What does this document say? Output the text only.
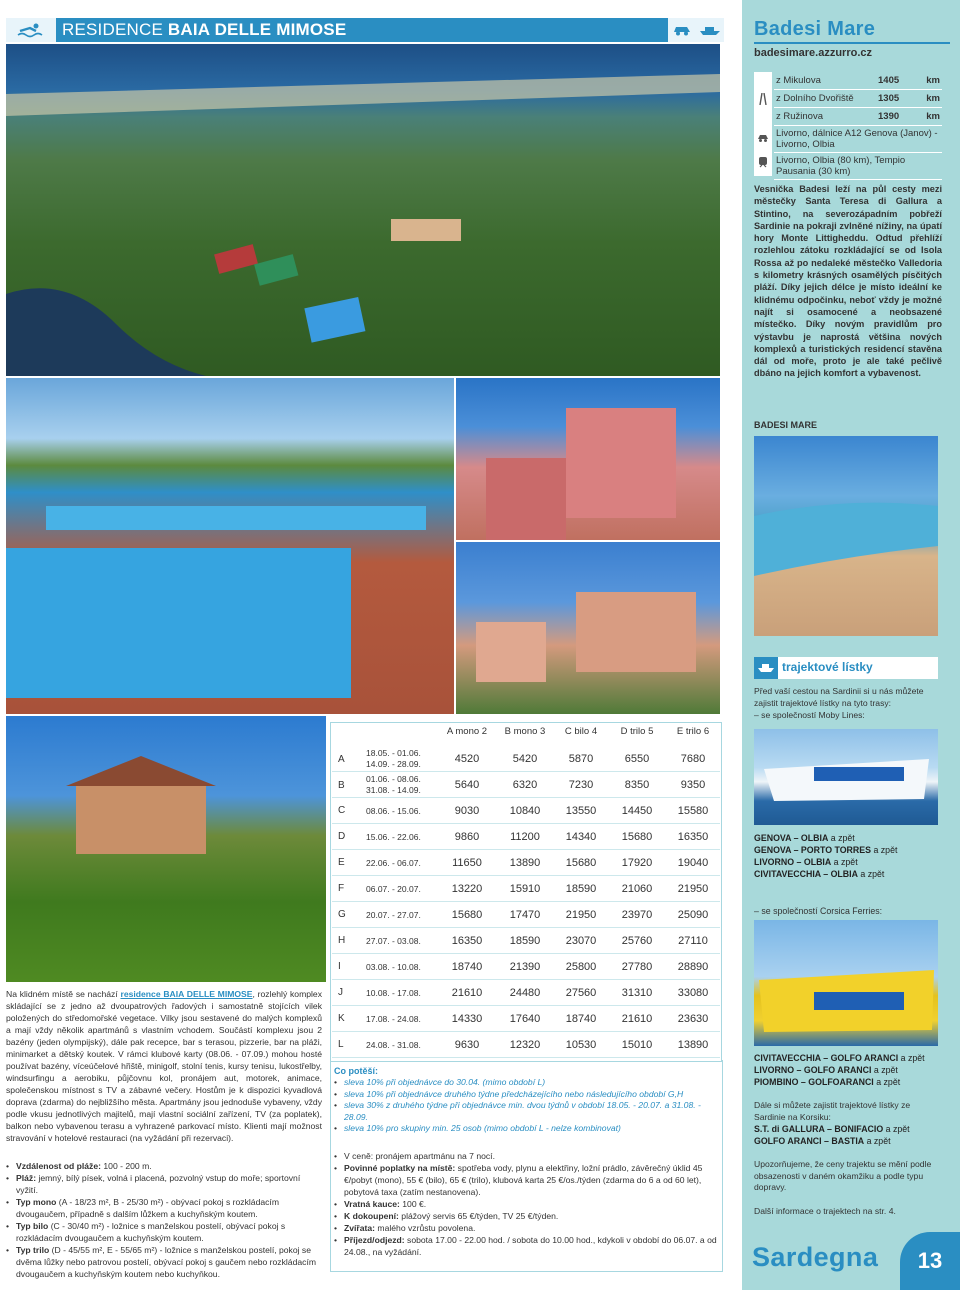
RESIDENCE BAIA DELLE MIMOSE	Badesi Mare
badesimare.azzurro.cz
z Mikulova	1405	km
z Dolního Dvořiště	1305	km
z Ružinova	1390	km
Livorno, dálnice A12 Genova (Janov) - Livorno, Olbia
Livorno, Olbia (80 km), Tempio Pausania (30 km)
Vesnička Badesi leží na půl cesty mezi městečky Santa Teresa di Gallura a Stintino, na severozápadním pobřeží Sardinie na pokraji zvlněné nížiny, na úpatí hory Monte Littigheddu. Odtud přehlíží rozlehlou zátoku rozkládající se od Isola Rossa až po nedaleké městečko Valledoria s kilometry krásných osamělých písčitých pláží. Díky jejich délce je místo ideální ke klidnému odpočinku, neboť vždy je možné najít si osamocené a neobsazené místečko. Díky novým pravidlům pro výstavbu je naprostá většina nových komplexů a turistických residencí stavěna dál od moře, proto je ale také pečlivě dbáno na jejich komfort a vybavenost.
BADESI MARE
trajektové lístky
Před vaší cestou na Sardinii si u nás můžete zajistit trajektové lístky na tyto trasy:
– se společností Moby Lines:
GENOVA – OLBIA a zpět
GENOVA – PORTO TORRES a zpět
LIVORNO – OLBIA a zpět
CIVITAVECCHIA – OLBIA a zpět
– se společností Corsica Ferries:
CIVITAVECCHIA – GOLFO ARANCI a zpět
LIVORNO – GOLFO ARANCI a zpět
PIOMBINO – GOLFOARANCI a zpět
Dále si můžete zajistit trajektové lístky ze Sardinie na Korsiku:
S.T. di GALLURA – BONIFACIO a zpět
GOLFO ARANCI – BASTIA a zpět
Upozorňujeme, že ceny trajektu se mění podle obsazenosti v daném okamžiku a podle typu dopravy.
Další informace o trajektech na str. 4.
Sardegna	13
A mono 2	B mono 3	C bilo 4	D trilo 5	E trilo 6
A
18.05. - 01.06.
14.09. - 28.09.	4520	5420	5870	6550	7680
B
01.06. - 08.06.
31.08. - 14.09.	5640	6320	7230	8350	9350
C	08.06. - 15.06.	9030	10840	13550	14450	15580
D	15.06. - 22.06.	9860	11200	14340	15680	16350
E	22.06. - 06.07.	11650	13890	15680	17920	19040
F	06.07. - 20.07.	13220	15910	18590	21060	21950
G	20.07. - 27.07.	15680	17470	21950	23970	25090
H	27.07. - 03.08.	16350	18590	23070	25760	27110
I	03.08. - 10.08.	18740	21390	25800	27780	28890
J	10.08. - 17.08.	21610	24480	27560	31310	33080
K	17.08. - 24.08.	14330	17640	18740	21610	23630
L	24.08. - 31.08.	9630	12320	10530	15010	13890
Co potěší:
• sleva 10% při objednávce do 30.04. (mimo období L)
• sleva 10% při objednávce druhého týdne předcházejícího nebo následujícího období G,H
• sleva 30% z druhého týdne při objednávce min. dvou týdnů v období 18.05. - 20.07. a 31.08. - 28.09.
• sleva 10% pro skupiny min. 25 osob (mimo období L - nelze kombinovat)
• V ceně: pronájem apartmánu na 7 nocí.
• Povinné poplatky na místě: spotřeba vody, plynu a elektřiny, ložní prádlo, závěrečný úklid 45 €/pobyt (mono), 55 € (bilo), 65 € (trilo), klubová karta 25 €/os./týden (zdarma do 6 a od 60 let), pobytová taxa (zatím nestanovena).
• Vratná kauce: 100 €.
• K dokoupení: plážový servis 65 €/týden, TV 25 €/týden.
• Zvířata: malého vzrůstu povolena.
• Příjezd/odjezd: sobota 17.00 - 22.00 hod. / sobota do 10.00 hod., kdykoli v období do 06.07. a od 24.08., na vyžádání.
Na klidném místě se nachází residence BAIA DELLE MIMOSE, rozlehlý komplex skládající se z jedno až dvoupatrových řadových i samostatně stojících vilek položených do středomořské vegetace. Vilky jsou sestavené do malých komplexů a mají vždy několik apartmánů s vlastním vchodem. Součástí komplexu jsou 2 bazény (jeden olympijský), dále pak recepce, bar s terasou, pizzerie, bar na pláži, minimarket a dětský koutek. V rámci klubové karty (08.06. - 07.09.) mohou hosté používat bazény, víceúčelové hřiště, minigolf, stolní tenis, kursy tenisu, lukostřelby, windsurfingu a aerobiku, půjčovnu kol, pronájem aut, motorek, animace, společenskou místnost s TV a zábavné večery. Hostům je k dispozici kyvadlová doprava (zdarma) do nejbližšího města. Apartmány jsou jednoduše vybaveny, vždy podle vkusu jednotlivých majitelů, mají vlastní sociální zařízení, TV (za poplatek), balkon nebo vybavenou terasu a vyhrazené parkovací místo. Klienti mají možnost stravování v hotelové restauraci (na vyžádání při rezervaci).
• Vzdálenost od pláže: 100 - 200 m.
• Pláž: jemný, bílý písek, volná i placená, pozvolný vstup do moře; sportovní vyžití.
• Typ mono (A - 18/23 m², B - 25/30 m²) - obývací pokoj s rozkládacím dvougaučem, případně s dalším lůžkem a kuchyňským koutem.
• Typ bilo (C - 30/40 m²) - ložnice s manželskou postelí, obývací pokoj s rozkládacím dvougaučem a kuchyňským koutem.
• Typ trilo (D - 45/55 m², E - 55/65 m²) - ložnice s manželskou postelí, pokoj se dvěma lůžky nebo patrovou postelí, obývací pokoj s gaučem nebo rozkládacím dvougaučem a kuchyňským koutem nebo kuchyňkou.
